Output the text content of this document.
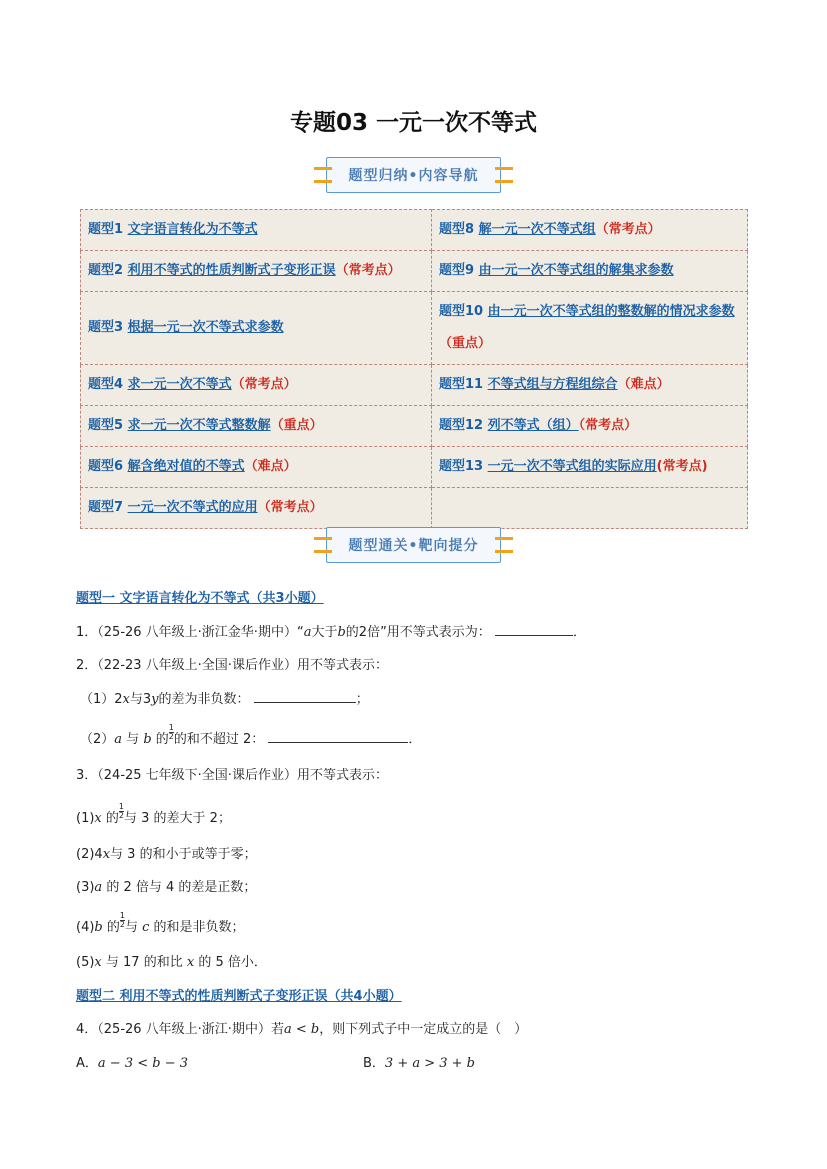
专题03 一元一次不等式
题型归纳•内容导航
题型1 文字语言转化为不等式	题型8 解一元一次不等式组（常考点）
题型2 利用不等式的性质判断式子变形正误（常考点）	题型9 由一元一次不等式组的解集求参数
题型3 根据一元一次不等式求参数	题型10 由一元一次不等式组的整数解的情况求参数（重点）
题型4 求一元一次不等式（常考点）	题型11 不等式组与方程组综合（难点）
题型5 求一元一次不等式整数解（重点）	题型12 列不等式（组）（常考点）
题型6 解含绝对值的不等式（难点）	题型13 一元一次不等式组的实际应用(常考点)
题型7 一元一次不等式的应用（常考点）	
题型通关•靶向提分
题型一 文字语言转化为不等式（共3小题）
1．（25-26 八年级上·浙江金华·期中）“a大于b的2倍”用不等式表示为：	．
2．（22-23 八年级上·全国·课后作业）用不等式表示：
（1）2x与3y的差为非负数：	；
（2）a 与 b 的 $\frac{1}{2}$ 的和不超过 2：	．
3．（24-25 七年级下·全国·课后作业）用不等式表示：
(1)x 的 $\frac{1}{2}$ 与 3 的差大于 2；
(2)4x与 3 的和小于或等于零；
(3)a 的 2 倍与 4 的差是正数；
(4)b 的 $\frac{1}{2}$ 与 c 的和是非负数；
(5)x 与 17 的和比 x 的 5 倍小．
题型二 利用不等式的性质判断式子变形正误（共4小题）
4．（25-26 八年级上·浙江·期中）若a < b，则下列式子中一定成立的是（　）
A．a − 3 < b − 3	B．3 + a > 3 + b
